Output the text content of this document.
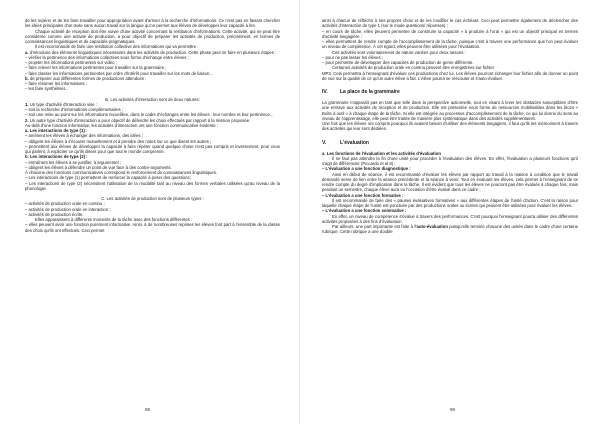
de les repérer et de les faire travailler pour appropriation avant d'arriver à la recherche d'informations. Ce n'est pas en faisant chercher les idées principales d'un texte sans aucun travail sur la langue qu'on permet aux élèves de développer leur capacité à lire.

Chaque activité de réception doit être suivie d'une activité concernant la restitution d'informations. Cette activité, qui ne peut être considérée comme une activité de production, a pour objectif de préparer les activités de production, précisément, en termes de connaissances linguistiques et de capacités pragmatiques.

Il est recommandé de faire une restitution collective des informations qui va permettre :

a. d'introduire des éléments linguistiques nécessaires dans les activités de production. Cette phase peut se faire en plusieurs étapes :

– vérifier la pertinence des informations collectées sous forme d'échange entre élèves ;

– projeter les informations pertinentes sur vidéo ;

– faire relever les informations pertinentes pour travailler sur la grammaire ;

– faire classer les informations pertinentes par ordre d'intérêt pour travailler sur les mots de liaison...

b. de préparer aux différentes formes de productions attendues :

– faire résumer les informations ;

– les faire synthétiser...

B. Les activités d'interaction sont de deux natures:

1. Un type d'activité d'interaction vise :

– soit la recherche d'informations complémentaires ;

– soit une mise au point sur les informations recueillies, dans le cadre d'échanges entre les élèves : leur nombre et leur pertinence...

2. Un autre type d'activité d'interaction a pour objectif de défendre les choix effectués par rapport à la mission proposée.

Au-delà d'une fonction informative, les activités d'interaction ont une fonction communicative évidente :

a. Les interactions de type (1) :

– amènent les élèves à échanger des informations, des idées ;

– obligent les élèves à s'écouter mutuellement et à prendre des notes sur ce que disent les autres ;

– permettent aux élèves de développer la capacité à faire répéter quand quelque chose n'est pas compris et inversement, pour ceux qui parlent, à expliciter ce qu'ils disent pour que tout le monde comprenne.

b. Les interactions de type (2) :

– entraînent les élèves à se justifier, à argumenter ;

– obligent les élèves à défendre un point de vue face à des contre-arguments.

À chacune des fonctions communicatives correspond le renforcement de connaissances linguistiques.

– Les interactions de type (1) permettent de renforcer la capacité à poser des questions;

– Les interactions de type (2) nécessitent l'utilisation de la modalité tant au niveau des formes verbales utilisées qu'au niveau de la phonologie.

C. Les activités de production sont de plusieurs types :

– activités de production orale en continu ;

– activités de production orale en interaction ;

– activités de production écrite.

Elles apparaissent à différents moments de la tâche avec des fonctions différentes :

– elles peuvent avoir une fonction purement informative. Ainsi, à de nombreuses reprises les élèves font part à l'ensemble de la classe des choix qu'ils ont effectués. Ceci permet

98

ainsi à chacun de réfléchir à ses propres choix et de les modifier le cas échéant. Ceci peut permettre également de déclencher des activités d'interaction de type 1 (sur le mode questions/ réponses) ;

– en cours de tâche, elles peuvent permettre de construire la capacité « à produire à l'oral » qui est un objectif principal en termes d'activité langagière ;

– elles permettent de rendre compte de l'accomplissement de la tâche, puisque c'est à travers une performance que l'on peut évaluer un niveau de compétence. À cet égard, elles peuvent être utilisées pour l'évaluation.

Ces activités sont volontairement de nature variées pour deux raisons :

– pour ne pas lasser les élèves ;

– pour permettre de développer des capacités de production de genre différents.

Certaines activités de production orale en continu peuvent être enregistrées sur fichier

MP3. Cela permettra à l'enseignant d'évaluer ces productions chez lui. Les élèves pourront échanger leur fichier afin de donner un point de vue sur la qualité de ce qu'un autre élève a fait. L'élève pourra se réécouter et s'auto-évaluer.

IV. La place de la grammaire

La grammaire n'apparaît pas en tant que telle dans la perspective actionnelle, tout en visant à lever les obstacles susceptibles d'être une entrave aux activités de réception et de production. Elle est présentée sous forme de ressources mobilisables dans les blocs « Boîte à outil » à chaque étape de la tâche. Si elle est intégrée au processus d'accomplissement de la tâche, ce qui lui donne du sens au niveau de l'apprentissage, elle peut être traitée de manière plus systématique dans des activités supplémentaires.

Une fois que les élèves ont compris pourquoi ils avaient besoin d'utiliser des éléments langagiers, il faut qu'ils les mémorisent à travers des activités qui leur sont dédiées.

V.	L'évaluation

a. Les fonctions de l'évaluation et les activités d'évaluation

Il ne faut pas attendre la fin d'une unité pour procéder à l'évaluation des élèves. En effet, l'évaluation a plusieurs fonctions qu'il s'agit de différencier (Piccardo et al 8) :

– L'évaluation a une fonction diagnostique :

Ainsi en début de séance, il est recommandé d'évaluer les élèves par rapport au travail à la maison à condition que le travail demandé serve de lien entre la séance précédente et la séance à venir. Tout en évaluant les élèves, cela permet à l'enseignant de se rendre compte du degré d'implication dans la tâche. Il est évident que tous les élèves ne pourront pas être évalués à chaque fois, mais pendant un semestre, chaque élève aura eu l'occasion d'être évalué dans ce cadre ;

– L'évaluation a une fonction formative :

Il est recommandé de faire des « pauses évaluatives formatives » aux différentes étapes de l'unité d'action. C'est la raison pour laquelle chaque étape de l'unité est ponctuée par des productions orales ou écrites qui peuvent être utilisées pour évaluer les élèves.

– L'évaluation a une fonction sommative :

En effet, un niveau de compétence s'évalue à travers des performances. C'est pourquoi l'enseignant pourra utiliser des différentes activités proposées à des fins d'évaluation.

Par ailleurs, une part importante est faite à l'auto-évaluation puisqu'elle termine chacune des unités dans le cadre d'une certaine rubrique. Cette rubrique a une double

99
